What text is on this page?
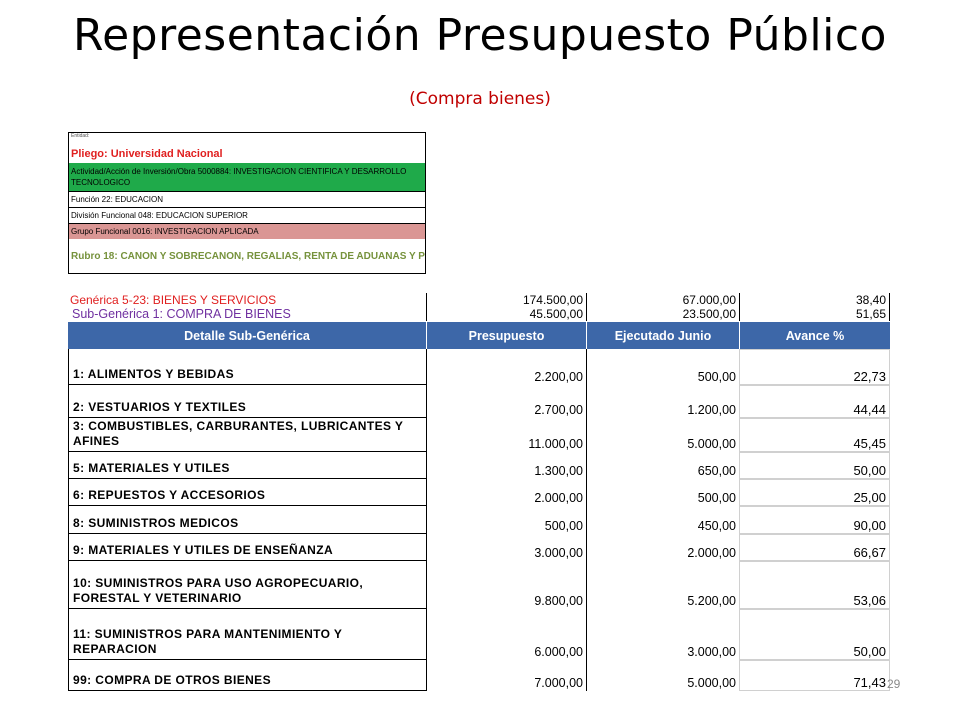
Representación Presupuesto Público
(Compra bienes)
Entidad:
Pliego: Universidad Nacional
Actividad/Acción de Inversión/Obra 5000884: INVESTIGACION CIENTIFICA Y DESARROLLO TECNOLOGICO
Función 22: EDUCACION
División Funcional 048: EDUCACION SUPERIOR
Grupo Funcional 0016: INVESTIGACION APLICADA
Rubro 18: CANON Y SOBRECANON, REGALIAS, RENTA DE ADUANAS Y P
Genérica 5-23: BIENES Y SERVICIOS	174.500,00	67.000,00	38,40
Sub-Genérica 1: COMPRA DE BIENES	45.500,00	23.500,00	51,65
Detalle Sub-Genérica	Presupuesto	Ejecutado Junio	Avance %
1: ALIMENTOS Y BEBIDAS	2.200,00	500,00	22,73
2: VESTUARIOS Y TEXTILES	2.700,00	1.200,00	44,44
3: COMBUSTIBLES, CARBURANTES, LUBRICANTES Y AFINES	11.000,00	5.000,00	45,45
5: MATERIALES Y UTILES	1.300,00	650,00	50,00
6: REPUESTOS Y ACCESORIOS	2.000,00	500,00	25,00
8: SUMINISTROS MEDICOS	500,00	450,00	90,00
9: MATERIALES Y UTILES DE ENSEÑANZA	3.000,00	2.000,00	66,67
10: SUMINISTROS PARA USO AGROPECUARIO, FORESTAL Y VETERINARIO	9.800,00	5.200,00	53,06
11: SUMINISTROS PARA MANTENIMIENTO Y REPARACION	6.000,00	3.000,00	50,00
99: COMPRA DE OTROS BIENES	7.000,00	5.000,00	71,43 29
